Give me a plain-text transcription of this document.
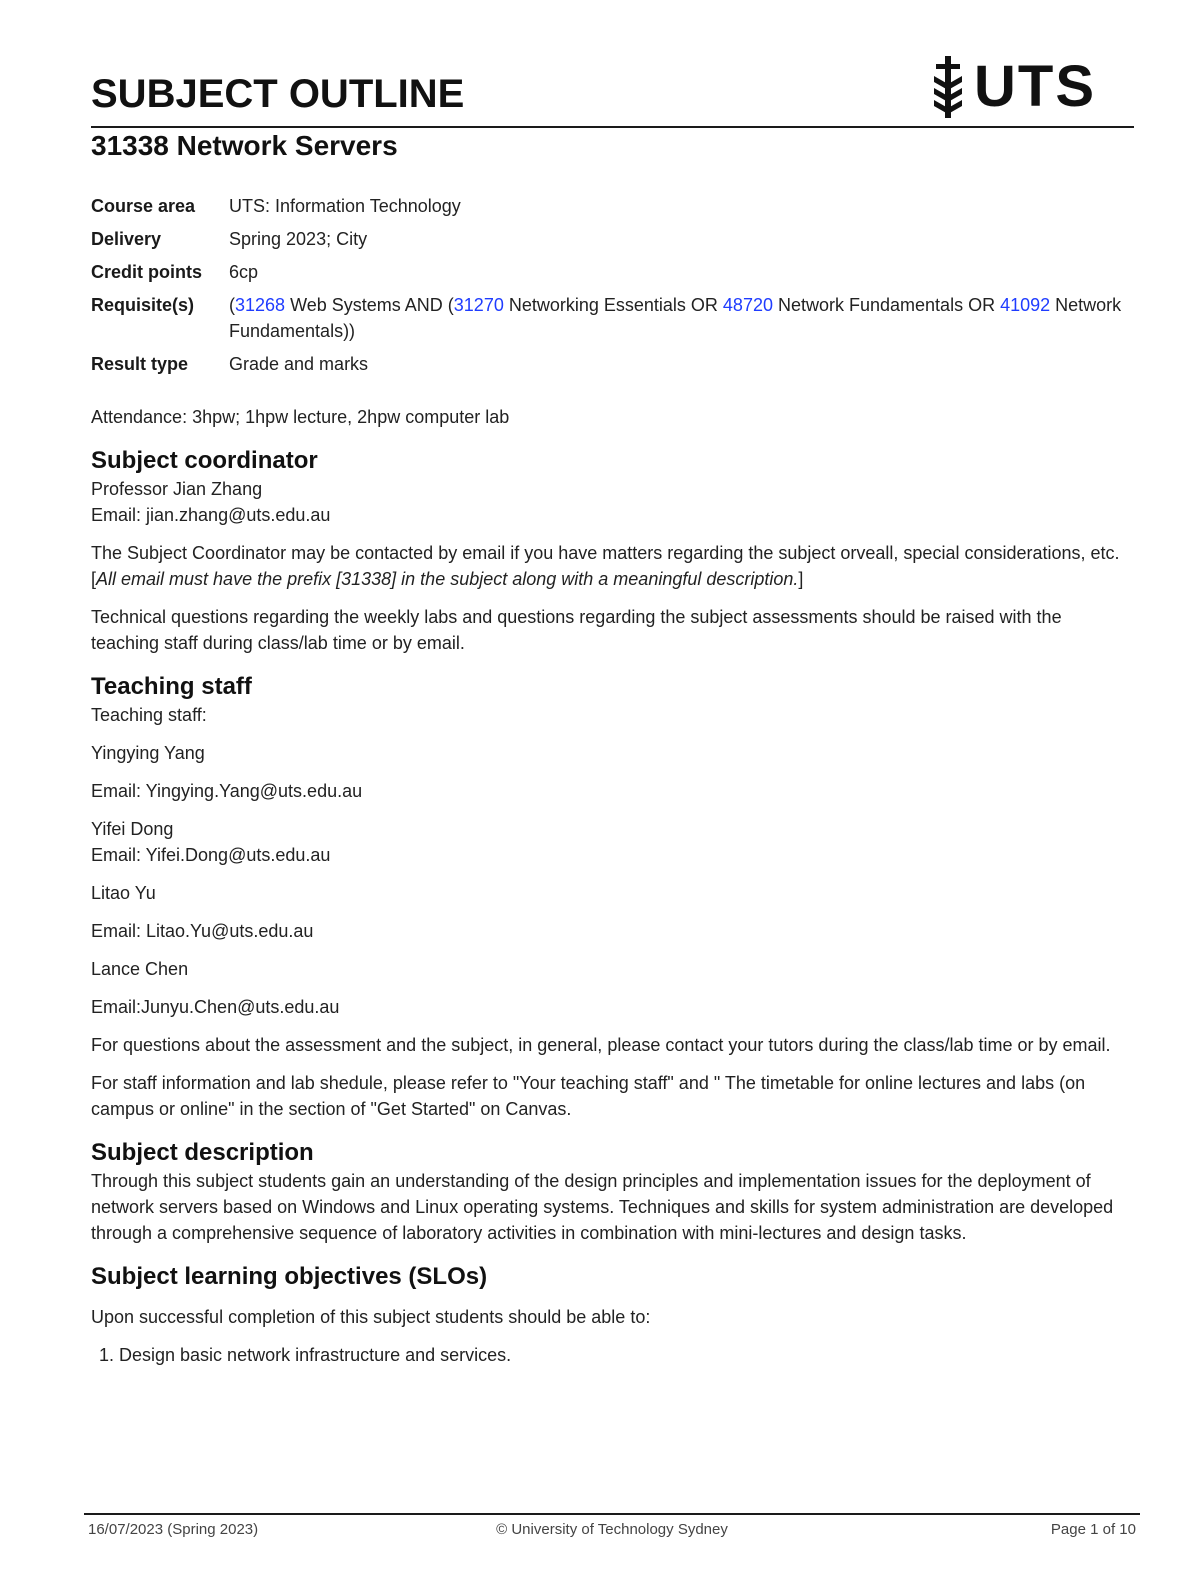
SUBJECT OUTLINE	UTS
31338 Network Servers
Course area	UTS: Information Technology
Delivery	Spring 2023; City
Credit points	6cp
Requisite(s)	(31268 Web Systems AND (31270 Networking Essentials OR 48720 Network Fundamentals OR 41092 Network Fundamentals))
Result type	Grade and marks

Attendance: 3hpw; 1hpw lecture, 2hpw computer lab

Subject coordinator
Professor Jian Zhang

Email: jian.zhang@uts.edu.au

The Subject Coordinator may be contacted by email if you have matters regarding the subject orveall, special considerations, etc.
[All email must have the prefix [31338] in the subject along with a meaningful description.]

Technical questions regarding the weekly labs and questions regarding the subject assessments should be raised with the teaching staff during class/lab time or by email.

Teaching staff

Teaching staff:

Yingying Yang

Email: Yingying.Yang@uts.edu.au

Yifei Dong

Email: Yifei.Dong@uts.edu.au

Litao Yu

Email: Litao.Yu@uts.edu.au

Lance Chen

Email:Junyu.Chen@uts.edu.au

For questions about the assessment and the subject, in general, please contact your tutors during the class/lab time or by email.

For staff information and lab shedule, please refer to "Your teaching staff" and " The timetable for online lectures and labs (on campus or online" in the section of "Get Started" on Canvas.

Subject description

Through this subject students gain an understanding of the design principles and implementation issues for the deployment of network servers based on Windows and Linux operating systems. Techniques and skills for system administration are developed through a comprehensive sequence of laboratory activities in combination with mini-lectures and design tasks.

Subject learning objectives (SLOs)

Upon successful completion of this subject students should be able to:

1. Design basic network infrastructure and services.
16/07/2023 (Spring 2023)	© University of Technology Sydney	Page 1 of 10
